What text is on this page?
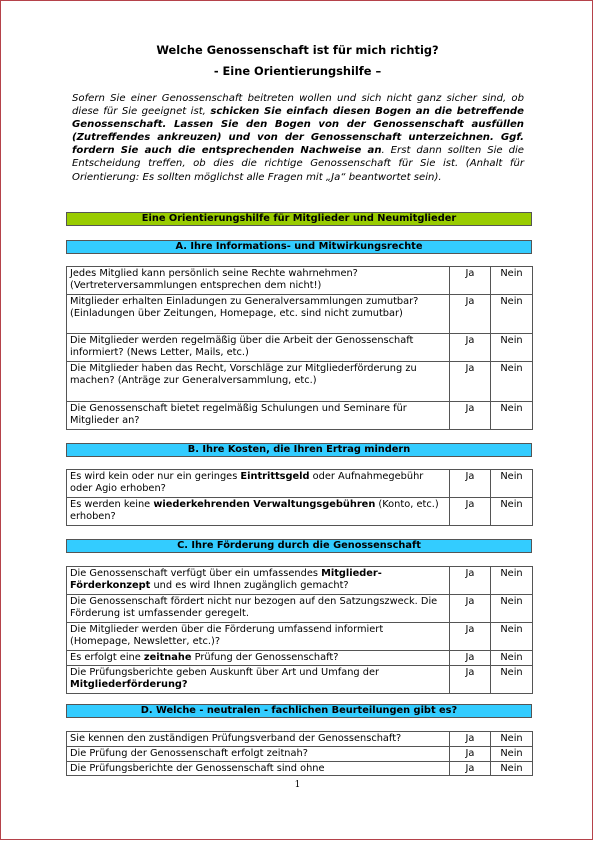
Welche Genossenschaft ist für mich richtig?
- Eine Orientierungshilfe –
Sofern Sie einer Genossenschaft beitreten wollen und sich nicht ganz sicher sind, ob diese für Sie geeignet ist, schicken Sie einfach diesen Bogen an die betreffende Genossenschaft. Lassen Sie den Bogen von der Genossenschaft ausfüllen (Zutreffendes ankreuzen) und von der Genossenschaft unterzeichnen. Ggf. fordern Sie auch die entsprechenden Nachweise an. Erst dann sollten Sie die Entscheidung treffen, ob dies die richtige Genossenschaft für Sie ist. (Anhalt für Orientierung: Es sollten möglichst alle Fragen mit „Ja“ beantwortet sein).
Eine Orientierungshilfe für Mitglieder und Neumitglieder
A. Ihre Informations- und Mitwirkungsrechte
Jedes Mitglied kann persönlich seine Rechte wahrnehmen? (Vertreterversammlungen entsprechen dem nicht!)	Ja	Nein
Mitglieder erhalten Einladungen zu Generalversammlungen zumutbar? (Einladungen über Zeitungen, Homepage, etc. sind nicht zumutbar)	Ja	Nein
Die Mitglieder werden regelmäßig über die Arbeit der Genossenschaft informiert? (News Letter, Mails, etc.)	Ja	Nein
Die Mitglieder haben das Recht, Vorschläge zur Mitgliederförderung zu machen? (Anträge zur Generalversammlung, etc.)	Ja	Nein
Die Genossenschaft bietet regelmäßig Schulungen und Seminare für Mitglieder an?	Ja	Nein
B. Ihre Kosten, die Ihren Ertrag mindern
Es wird kein oder nur ein geringes Eintrittsgeld oder Aufnahmegebühr oder Agio erhoben?	Ja	Nein
Es werden keine wiederkehrenden Verwaltungsgebühren (Konto, etc.) erhoben?	Ja	Nein
C. Ihre Förderung durch die Genossenschaft
Die Genossenschaft verfügt über ein umfassendes Mitglieder-Förderkonzept und es wird Ihnen zugänglich gemacht?	Ja	Nein
Die Genossenschaft fördert nicht nur bezogen auf den Satzungszweck. Die Förderung ist umfassender geregelt.	Ja	Nein
Die Mitglieder werden über die Förderung umfassend informiert (Homepage, Newsletter, etc.)?	Ja	Nein
Es erfolgt eine zeitnahe Prüfung der Genossenschaft?	Ja	Nein
Die Prüfungsberichte geben Auskunft über Art und Umfang der Mitgliederförderung?	Ja	Nein
D. Welche - neutralen - fachlichen Beurteilungen gibt es?
Sie kennen den zuständigen Prüfungsverband der Genossenschaft?	Ja	Nein
Die Prüfung der Genossenschaft erfolgt zeitnah?	Ja	Nein
Die Prüfungsberichte der Genossenschaft sind ohne	Ja	Nein
1
